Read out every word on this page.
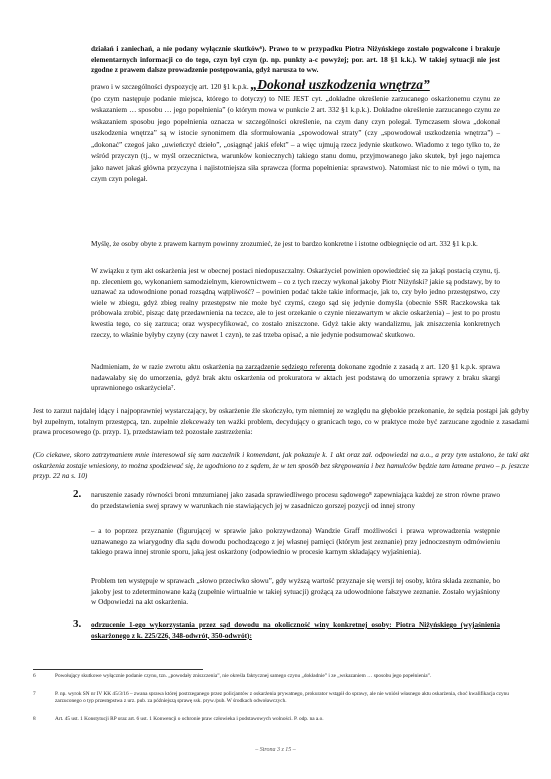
działań i zaniechań, a nie podany wyłącznie skutków⁶). Prawo to w przypadku Piotra Niżyńskiego zostało pogwałcone i brakuje elementarnych informacji co do tego, czyn był czyn (p. np. punkty a-c powyżej; por. art. 18 §1 k.k.). W takiej sytuacji nie jest zgodne z prawem dalsze prowadzenie postępowania, gdyż narusza to ww.

prawo i w szczególności dyspozycję art. 120 §1 k.p.k. „Dokonał uszkodzenia wnętrza”
(po czym następuje podanie miejsca, którego to dotyczy) to NIE JEST cyt. „dokładne określenie zarzucanego oskarżonemu czynu ze wskazaniem … sposobu … jego popełnienia” (o którym mowa w punkcie 2 art. 332 §1 k.p.k.). Dokładne określenie zarzucanego czynu ze wskazaniem sposobu jego popełnienia oznacza w szczególności określenie, na czym dany czyn polegał. Tymczasem słowa „dokonał uszkodzenia wnętrza” są w istocie synonimem dla sformułowania „spowodował straty” (czy „spowodował uszkodzenia wnętrza”) – „dokonać” czegoś jako „uwieńczyć dzieło”, „osiągnąć jakiś efekt” – a więc ujmują rzecz jedynie skutkowo. Wiadomo z tego tylko to, że wśród przyczyn (tj., w myśl orzecznictwa, warunków koniecznych) takiego stanu domu, przyjmowanego jako skutek, był jego najemca jako nawet jakaś główna przyczyna i najistotniejsza siła sprawcza (forma popełnienia: sprawstwo). Natomiast nic to nie mówi o tym, na czym czyn polegał.

Myślę, że osoby obyte z prawem karnym powinny zrozumieć, że jest to bardzo konkretne i istotne odbiegnięcie od art. 332 §1 k.p.k.

W związku z tym akt oskarżenia jest w obecnej postaci niedopuszczalny. Oskarżyciel powinien opowiedzieć się za jakąś postacią czynu, tj. np. zleceniem go, wykonaniem samodzielnym, kierownictwem – co z tych rzeczy wykonał jakoby Piotr Niżyński? jakie są podstawy, by to uznawać za udowodnione ponad rozsądną wątpliwość? – powinien podać także takie informacje, jak to, czy było jedno przestępstwo, czy wiele w zbiegu, gdyż zbieg realny przestępstw nie może być czymś, czego sąd się jedynie domyśla (obecnie SSR Raczkowska tak próbowała zrobić, pisząc datę przedawnienia na teczce, ale to jest orzekanie o czynie niezawartym w akcie oskarżenia) – jest to po prostu kwestia tego, co się zarzuca; oraz wyspecyfikować, co zostało zniszczone. Gdyż takie akty wandalizmu, jak zniszczenia konkretnych rzeczy, to właśnie byłyby czyny (czy nawet 1 czyn), te zaś trzeba opisać, a nie jedynie podsumować skutkowo.

Nadmieniam, że w razie zwrotu aktu oskarżenia na zarządzenie sędziego referenta dokonane zgodnie z zasadą z art. 120 §1 k.p.k. sprawa nadawałaby się do umorzenia, gdyż brak aktu oskarżenia od prokuratora w aktach jest podstawą do umorzenia sprawy z braku skargi uprawnionego oskarżyciela⁷.

Jest to zarzut najdalej idący i najpoprawniej wystarczający, by oskarżenie źle skończyło, tym niemniej ze względu na głębokie przekonanie, że sędzia postąpi jak gdyby był zupełnym, totalnym przestępcą, tzn. zupełnie zlekceważy ten ważki problem, decydujący o granicach tego, co w praktyce może być zarzucane zgodnie z zasadami prawa procesowego (p. przyp. 1), przedstawiam też pozostałe zastrzeżenia:

(Co ciekawe, skoro zatrzymaniem mnie interesował się sam naczelnik i komendant, jak pokazuje k. 1 akt oraz zał. odpowiedzi na a.o., a przy tym ustalono, że taki akt oskarżenia zostaje wniesiony, to można spodziewać się, że ugodniono to z sądem, że w ten sposób bez skrępowania i bez hamulców będzie tam łamane prawo – p. jeszcze przyp. 22 na s. 10)

2. naruszenie zasady równości broni mnzumianej jako zasada sprawiedliwego procesu sądowego⁸ zapewniająca każdej ze stron równe prawo do przedstawienia swej sprawy w warunkach nie stawiających jej w zasadniczo gorszej pozycji od innej strony

– a to poprzez przyznanie (figurującej w sprawie jako pokrzywdzona) Wandzie Graff możliwości i prawa wprowadzenia wstępnie uznawanego za wiarygodny dla sądu dowodu pochodzącego z jej własnej pamięci (którym jest zeznanie) przy jednoczesnym odmówieniu takiego prawa innej stronie sporu, jaką jest oskarżony (odpowiednio w procesie karnym składający wyjaśnienia).

Problem ten występuje w sprawach „słowo przeciwko słowu”, gdy wyższą wartość przyznaje się wersji tej osoby, która składa zeznanie, bo jakoby jest to zdeterminowane każą (zupełnie wirtualnie w takiej sytuacji) grożącą za udowodnione fałszywe zeznanie. Zostało wyjaśniony w Odpowiedzi na akt oskarżenia.

3. odrzucenie 1-ego wykorzystania przez sąd dowodu na okoliczność winy konkretnej osoby: Piotra Niżyńskiego (wyjaśnienia oskarżonego z k. 225/226, 348-odwrót, 350-odwrót):

6	Powołujący skutkowe wyłącznie podanie czynu, tzn. „powodały zniszczenia”, nie określa faktycznej samego czynu „dokładnie” i ze „wskazaniem … sposobu jego popełnienia”.
7	P. np. wyrok SN nr IV KK 45/3/16 – zwana sprawa której postrzeganego przez policjantów z oskarżenia prywatnego, prokurator wstąpił do sprawy, ale nie wniósł własnego aktu oskarżenia, choć kwalifikacja czynu zarzuconego o typ przestępstwa z urz. pub. za późniejszą sprawę ssk. pryw./pub. W środkach odwoławczych.
8	Art. 45 ust. 1 Konstytucji RP oraz art. 6 ust. 1 Konwencji o ochronie praw człowieka i podstawowych wolności. P. odp. na a.o.
– Strona 3 z 15 –
